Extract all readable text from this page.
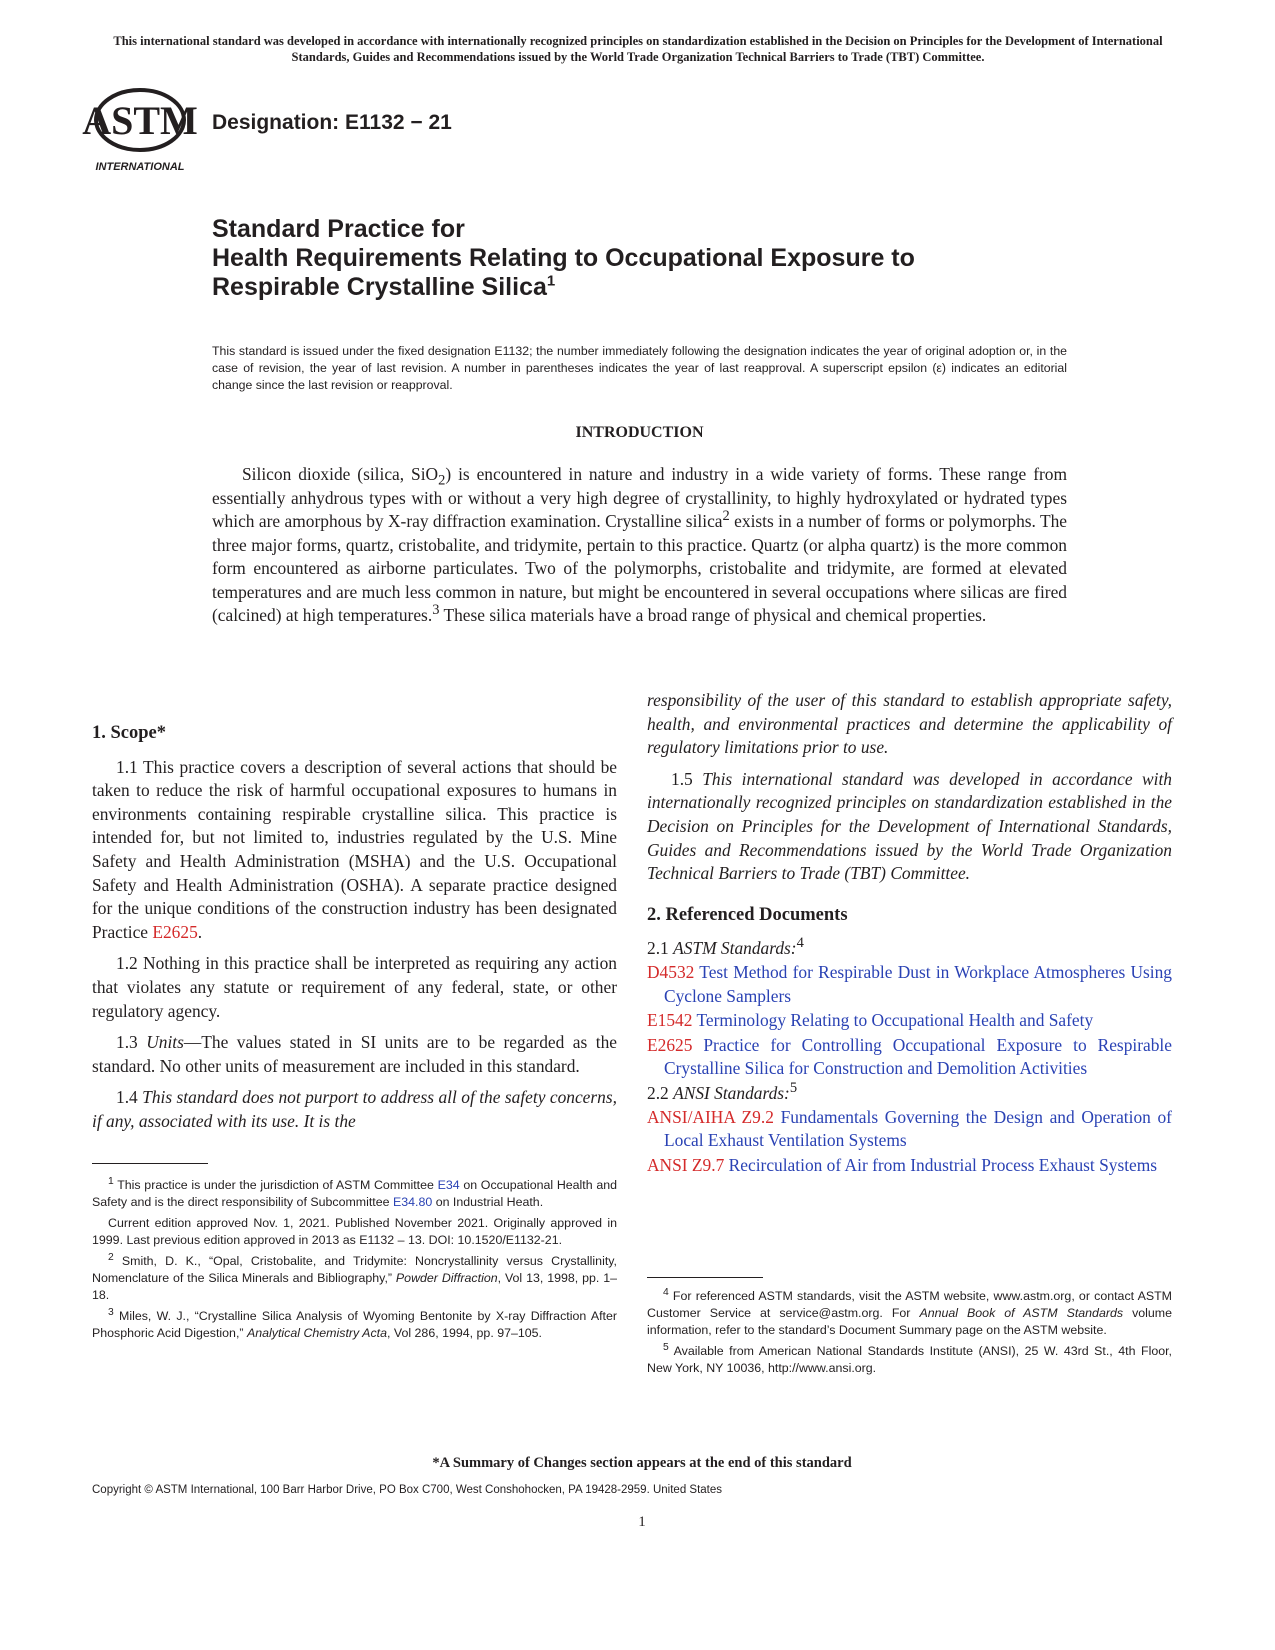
This international standard was developed in accordance with internationally recognized principles on standardization established in the Decision on Principles for the Development of International Standards, Guides and Recommendations issued by the World Trade Organization Technical Barriers to Trade (TBT) Committee.
ASTM
INTERNATIONAL
Designation: E1132 − 21
Standard Practice for
Health Requirements Relating to Occupational Exposure to
Respirable Crystalline Silica$^1$
This standard is issued under the fixed designation E1132; the number immediately following the designation indicates the year of original adoption or, in the case of revision, the year of last revision. A number in parentheses indicates the year of last reapproval. A superscript epsilon (ε) indicates an editorial change since the last revision or reapproval.
INTRODUCTION

Silicon dioxide (silica, SiO$_2$) is encountered in nature and industry in a wide variety of forms. These range from essentially anhydrous types with or without a very high degree of crystallinity, to highly hydroxylated or hydrated types which are amorphous by X-ray diffraction examination. Crystalline silica$^2$ exists in a number of forms or polymorphs. The three major forms, quartz, cristobalite, and tridymite, pertain to this practice. Quartz (or alpha quartz) is the more common form encountered as airborne particulates. Two of the polymorphs, cristobalite and tridymite, are formed at elevated temperatures and are much less common in nature, but might be encountered in several occupations where silicas are fired (calcined) at high temperatures.$^3$ These silica materials have a broad range of physical and chemical properties.

1. Scope*

1.1 This practice covers a description of several actions that should be taken to reduce the risk of harmful occupational exposures to humans in environments containing respirable crystalline silica. This practice is intended for, but not limited to, industries regulated by the U.S. Mine Safety and Health Administration (MSHA) and the U.S. Occupational Safety and Health Administration (OSHA). A separate practice designed for the unique conditions of the construction industry has been designated Practice E2625.

1.2 Nothing in this practice shall be interpreted as requiring any action that violates any statute or requirement of any federal, state, or other regulatory agency.

1.3 Units—The values stated in SI units are to be regarded as the standard. No other units of measurement are included in this standard.

1.4 This standard does not purport to address all of the safety concerns, if any, associated with its use. It is the

$^1$ This practice is under the jurisdiction of ASTM Committee E34 on Occupational Health and Safety and is the direct responsibility of Subcommittee E34.80 on Industrial Heath.

Current edition approved Nov. 1, 2021. Published November 2021. Originally approved in 1999. Last previous edition approved in 2013 as E1132 – 13. DOI: 10.1520/E1132-21.

$^2$ Smith, D. K., “Opal, Cristobalite, and Tridymite: Noncrystallinity versus Crystallinity, Nomenclature of the Silica Minerals and Bibliography,” Powder Diffraction, Vol 13, 1998, pp. 1–18.

$^3$ Miles, W. J., “Crystalline Silica Analysis of Wyoming Bentonite by X-ray Diffraction After Phosphoric Acid Digestion,” Analytical Chemistry Acta, Vol 286, 1994, pp. 97–105.

responsibility of the user of this standard to establish appropriate safety, health, and environmental practices and determine the applicability of regulatory limitations prior to use.

1.5 This international standard was developed in accordance with internationally recognized principles on standardization established in the Decision on Principles for the Development of International Standards, Guides and Recommendations issued by the World Trade Organization Technical Barriers to Trade (TBT) Committee.

2. Referenced Documents
2.1 ASTM Standards:$^4$
D4532 Test Method for Respirable Dust in Workplace Atmospheres Using Cyclone Samplers
E1542 Terminology Relating to Occupational Health and Safety
E2625 Practice for Controlling Occupational Exposure to Respirable Crystalline Silica for Construction and Demolition Activities
2.2 ANSI Standards:$^5$
ANSI/AIHA Z9.2 Fundamentals Governing the Design and Operation of Local Exhaust Ventilation Systems
ANSI Z9.7 Recirculation of Air from Industrial Process Exhaust Systems

$^4$ For referenced ASTM standards, visit the ASTM website, www.astm.org, or contact ASTM Customer Service at service@astm.org. For Annual Book of ASTM Standards volume information, refer to the standard’s Document Summary page on the ASTM website.

$^5$ Available from American National Standards Institute (ANSI), 25 W. 43rd St., 4th Floor, New York, NY 10036, http://www.ansi.org.

*A Summary of Changes section appears at the end of this standard
Copyright © ASTM International, 100 Barr Harbor Drive, PO Box C700, West Conshohocken, PA 19428-2959. United States
1
